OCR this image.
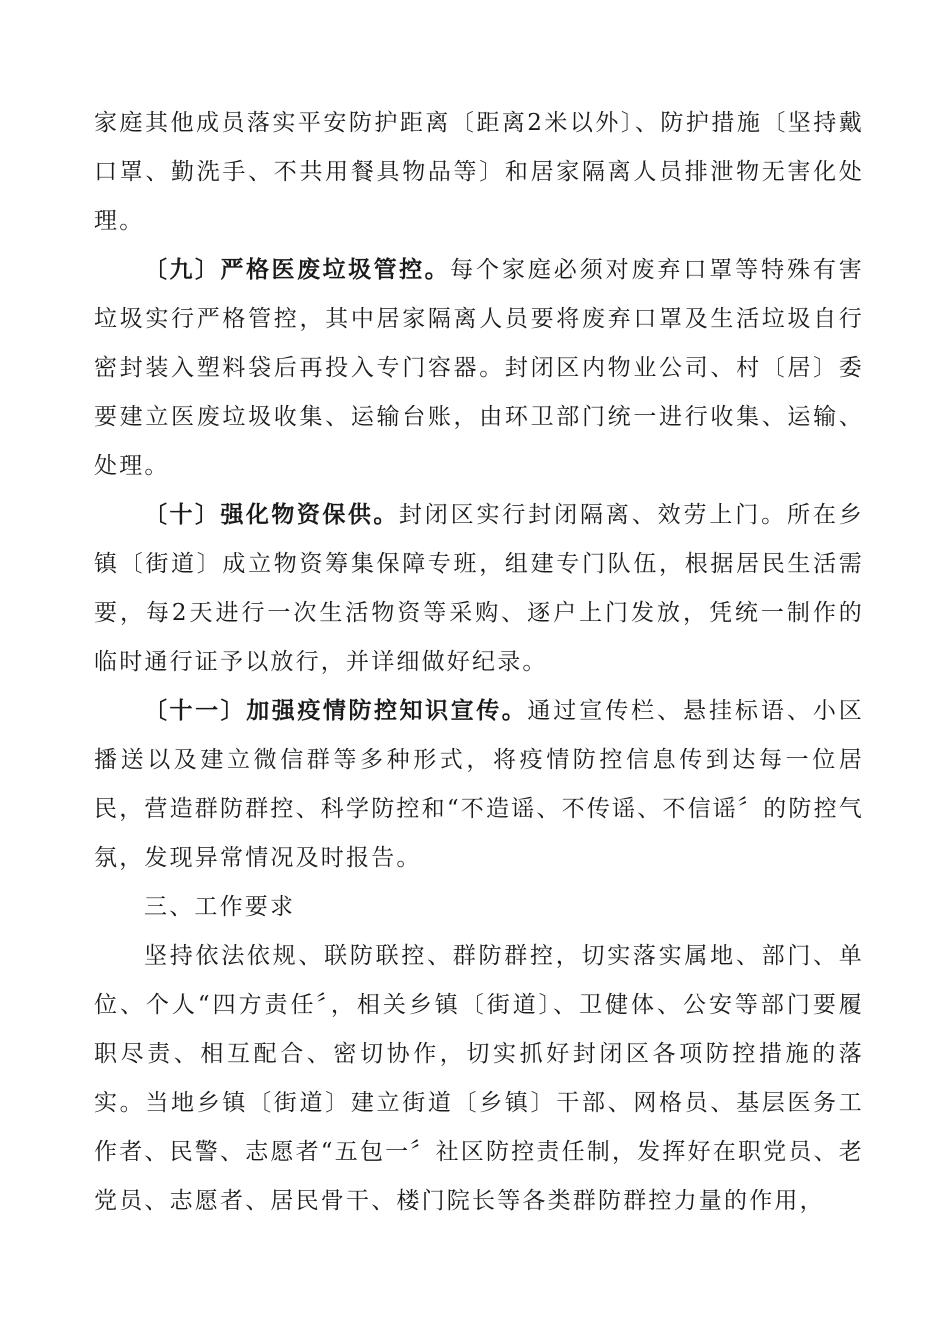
家庭其他成员落实平安防护距离〔距离2米以外〕、防护措施〔坚持戴口罩、勤洗手、不共用餐具物品等〕和居家隔离人员排泄物无害化处理。

〔九〕严格医废垃圾管控。每个家庭必须对废弃口罩等特殊有害垃圾实行严格管控，其中居家隔离人员要将废弃口罩及生活垃圾自行密封装入塑料袋后再投入专门容器。封闭区内物业公司、村〔居〕委要建立医废垃圾收集、运输台账，由环卫部门统一进行收集、运输、处理。

〔十〕强化物资保供。封闭区实行封闭隔离、效劳上门。所在乡镇〔街道〕成立物资筹集保障专班，组建专门队伍，根据居民生活需要，每2天进行一次生活物资等采购、逐户上门发放，凭统一制作的临时通行证予以放行，并详细做好纪录。

〔十一〕加强疫情防控知识宣传。通过宣传栏、悬挂标语、小区播送以及建立微信群等多种形式，将疫情防控信息传到达每一位居民，营造群防群控、科学防控和“不造谣、不传谣、不信谣〞的防控气氛，发现异常情况及时报告。

三、工作要求

坚持依法依规、联防联控、群防群控，切实落实属地、部门、单位、个人“四方责任〞，相关乡镇〔街道〕、卫健体、公安等部门要履职尽责、相互配合、密切协作，切实抓好封闭区各项防控措施的落实。当地乡镇〔街道〕建立街道〔乡镇〕干部、网格员、基层医务工作者、民警、志愿者“五包一〞社区防控责任制，发挥好在职党员、老党员、志愿者、居民骨干、楼门院长等各类群防群控力量的作用，
